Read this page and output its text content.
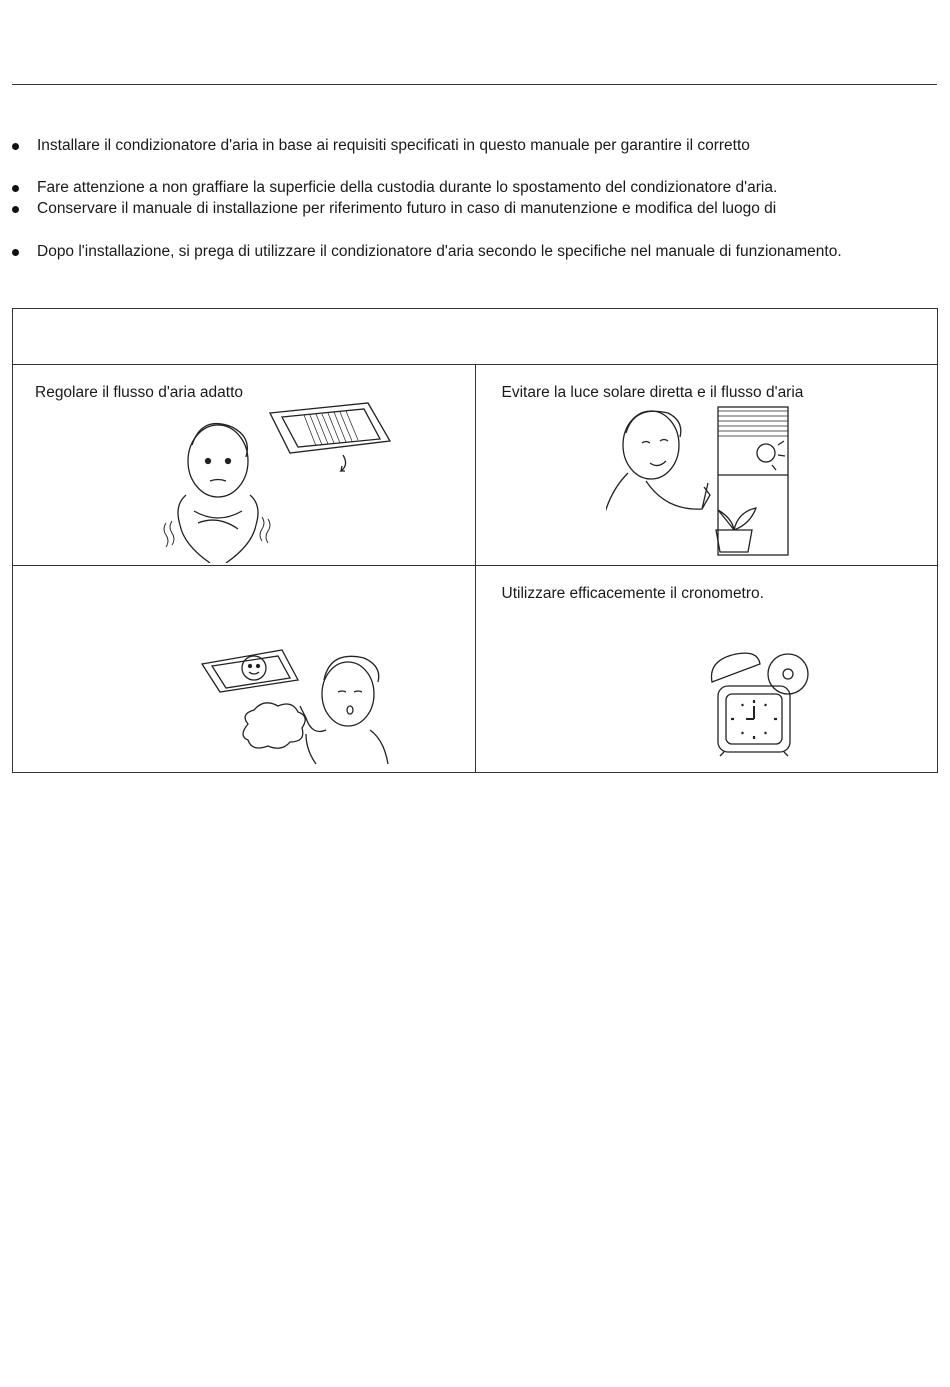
Installare il condizionatore d'aria in base ai requisiti specificati in questo manuale per garantire il corretto
Fare attenzione a non graffiare la superficie della custodia durante lo spostamento del condizionatore d'aria.
Conservare il manuale di installazione per riferimento futuro in caso di manutenzione e modifica del luogo di
Dopo l'installazione, si prega di utilizzare il condizionatore d'aria secondo le specifiche nel manuale di funzionamento.

Regolare il flusso d'aria adatto	Evitare la luce solare diretta e il flusso d'aria

Utilizzare efficacemente il cronometro.
